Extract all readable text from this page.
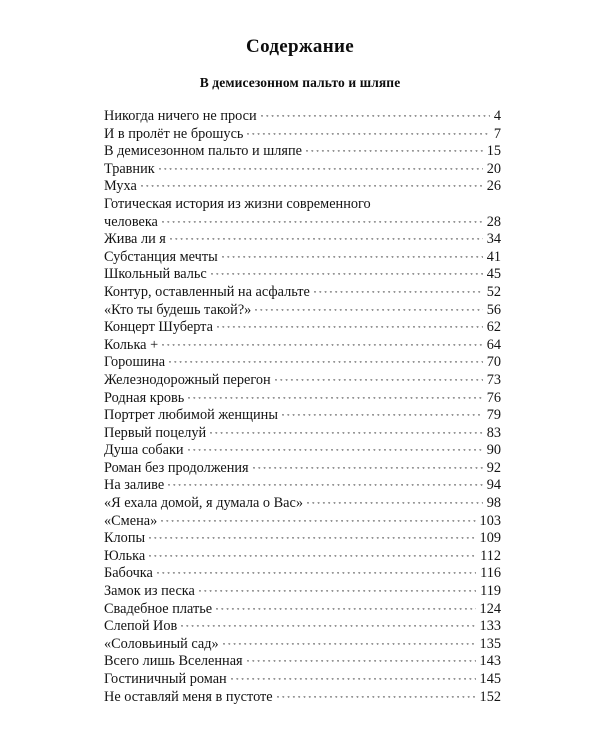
Содержание
В демисезонном пальто и шляпе
Никогда ничего не проси	4
И в пролёт не брошусь	7
В демисезонном пальто и шляпе	15
Травник	20
Муха	26
Готическая история из жизни современного
человека	28
Жива ли я	34
Субстанция мечты	41
Школьный вальс	45
Контур, оставленный на асфальте	52
«Кто ты будешь такой?»	56
Концерт Шуберта	62
Колька +	64
Горошина	70
Железнодорожный перегон	73
Родная кровь	76
Портрет любимой женщины	79
Первый поцелуй	83
Душа собаки	90
Роман без продолжения	92
На заливе	94
«Я ехала домой, я думала о Вас»	98
«Смена»	103
Клопы	109
Юлька	112
Бабочка	116
Замок из песка	119
Свадебное платье	124
Слепой Иов	133
«Соловьиный сад»	135
Всего лишь Вселенная	143
Гостиничный роман	145
Не оставляй меня в пустоте	152
